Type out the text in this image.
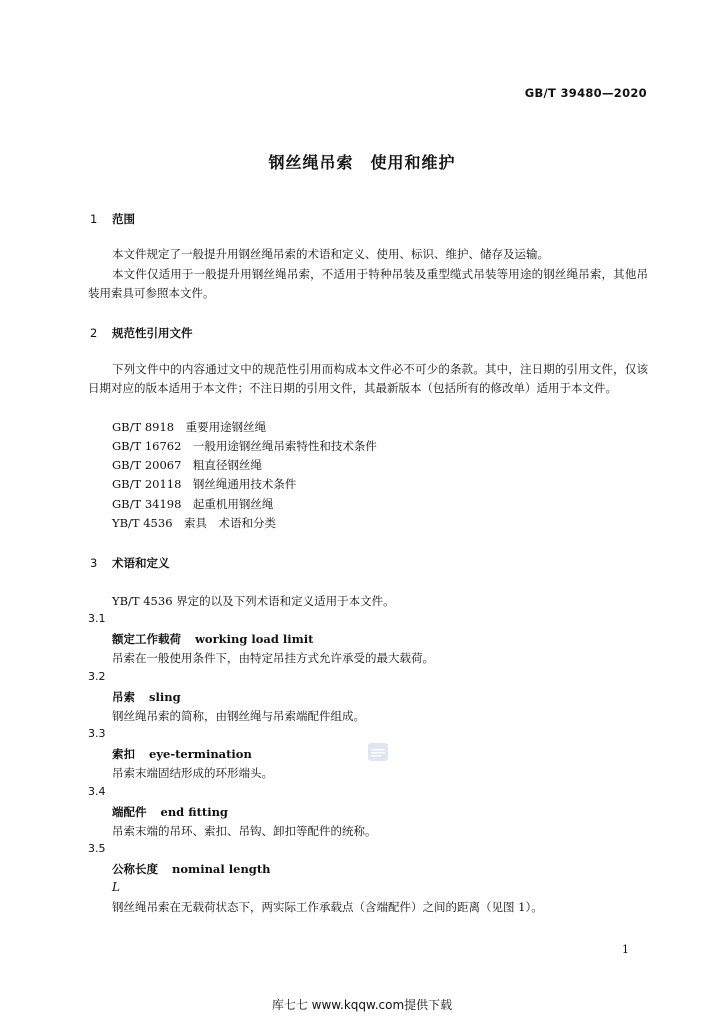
GB/T 39480—2020
钢丝绳吊索　使用和维护
1 范围
本文件规定了一般提升用钢丝绳吊索的术语和定义、使用、标识、维护、储存及运输。
本文件仅适用于一般提升用钢丝绳吊索，不适用于特种吊装及重型缆式吊装等用途的钢丝绳吊索，其他吊装用索具可参照本文件。
2 规范性引用文件
下列文件中的内容通过文中的规范性引用而构成本文件必不可少的条款。其中，注日期的引用文件，仅该日期对应的版本适用于本文件；不注日期的引用文件，其最新版本（包括所有的修改单）适用于本文件。
GB/T 8918　重要用途钢丝绳
GB/T 16762　一般用途钢丝绳吊索特性和技术条件
GB/T 20067　粗直径钢丝绳
GB/T 20118　钢丝绳通用技术条件
GB/T 34198　起重机用钢丝绳
YB/T 4536　索具　术语和分类
3 术语和定义
YB/T 4536 界定的以及下列术语和定义适用于本文件。
3.1
额定工作载荷 working load limit
吊索在一般使用条件下，由特定吊挂方式允许承受的最大载荷。
3.2
吊索 sling
钢丝绳吊索的简称，由钢丝绳与吊索端配件组成。
3.3
索扣 eye-termination
吊索末端固结形成的环形端头。
3.4
端配件 end fitting
吊索末端的吊环、索扣、吊钩、卸扣等配件的统称。
3.5
公称长度 nominal length
L
钢丝绳吊索在无载荷状态下，两实际工作承载点（含端配件）之间的距离（见图 1）。
1
库七七 www.kqqw.com提供下载
